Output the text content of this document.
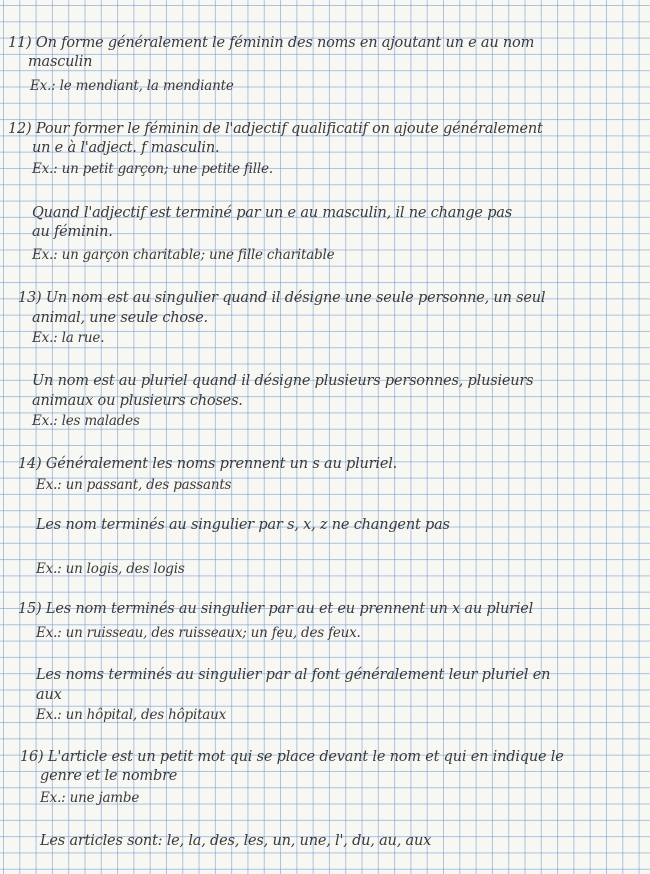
11) On forme généralement le féminin des noms en ajoutant un e au nom
masculin
Ex.: le mendiant, la mendiante
12) Pour former le féminin de l'adjectif qualificatif on ajoute généralement
un e à l'adject. f masculin.
Ex.: un petit garçon; une petite fille.
Quand l'adjectif est terminé par un e au masculin, il ne change pas
au féminin.
Ex.: un garçon charitable; une fille charitable
13) Un nom est au singulier quand il désigne une seule personne, un seul
animal, une seule chose.
Ex.: la rue.
Un nom est au pluriel quand il désigne plusieurs personnes, plusieurs
animaux ou plusieurs choses.
Ex.: les malades
14) Généralement les noms prennent un s au pluriel.
Ex.: un passant, des passants
Les nom terminés au singulier par s, x, z ne changent pas
Ex.: un logis, des logis
15) Les nom terminés au singulier par au et eu prennent un x au pluriel
Ex.: un ruisseau, des ruisseaux; un feu, des feux.
Les noms terminés au singulier par al font généralement leur pluriel en
aux
Ex.: un hôpital, des hôpitaux
16) L'article est un petit mot qui se place devant le nom et qui en indique le
genre et le nombre
Ex.: une jambe
Les articles sont: le, la, des, les, un, une, l', du, au, aux
